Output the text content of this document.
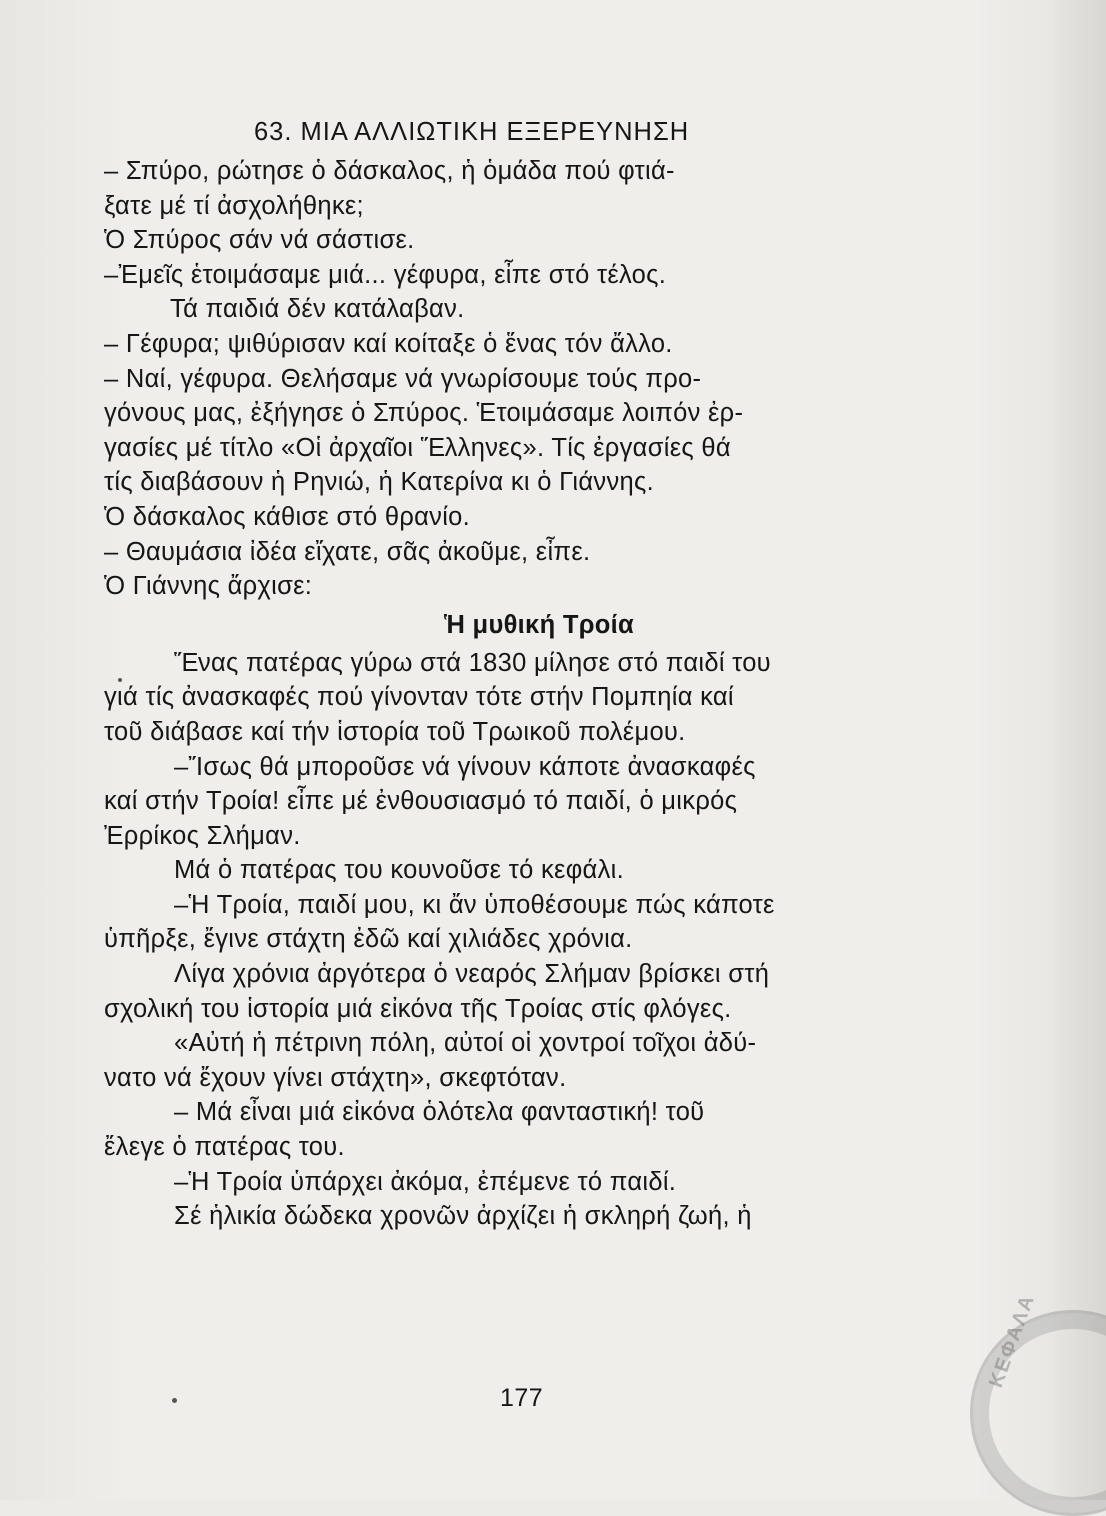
63. ΜΙΑ ΑΛΛΙΩΤΙΚΗ ΕΞΕΡΕΥΝΗΣΗ
– Σπύρο, ρώτησε ὁ δάσκαλος, ἡ ὁμάδα πού φτιά-
ξατε μέ τί ἀσχολήθηκε;
Ὁ Σπύρος σάν νά σάστισε.
–Ἐμεῖς ἑτοιμάσαμε μιά... γέφυρα, εἶπε στό τέλος.
Τά παιδιά δέν κατάλαβαν.
– Γέφυρα; ψιθύρισαν καί κοίταξε ὁ ἕνας τόν ἄλλο.
– Ναί, γέφυρα. Θελήσαμε νά γνωρίσουμε τούς προ-
γόνους μας, ἐξήγησε ὁ Σπύρος. Ἑτοιμάσαμε λοιπόν ἐρ-
γασίες μέ τίτλο «Οἱ ἀρχαῖοι Ἕλληνες». Τίς ἐργασίες θά
τίς διαβάσουν ἡ Ρηνιώ, ἡ Κατερίνα κι ὁ Γιάννης.
Ὁ δάσκαλος κάθισε στό θρανίο.
– Θαυμάσια ἰδέα εἴχατε, σᾶς ἀκοῦμε, εἶπε.
Ὁ Γιάννης ἄρχισε:
Ἡ μυθική Τροία
Ἕνας πατέρας γύρω στά 1830 μίλησε στό παιδί του
γιά τίς ἀνασκαφές πού γίνονταν τότε στήν Πομπηία καί
τοῦ διάβασε καί τήν ἱστορία τοῦ Τρωικοῦ πολέμου.
–Ἴσως θά μποροῦσε νά γίνουν κάποτε ἀνασκαφές
καί στήν Τροία! εἶπε μέ ἐνθουσιασμό τό παιδί, ὁ μικρός
Ἐρρίκος Σλήμαν.
Μά ὁ πατέρας του κουνοῦσε τό κεφάλι.
–Ἡ Τροία, παιδί μου, κι ἄν ὑποθέσουμε πώς κάποτε
ὑπῆρξε, ἔγινε στάχτη ἐδῶ καί χιλιάδες χρόνια.
Λίγα χρόνια ἀργότερα ὁ νεαρός Σλήμαν βρίσκει στή
σχολική του ἱστορία μιά εἰκόνα τῆς Τροίας στίς φλόγες.
«Αὐτή ἡ πέτρινη πόλη, αὐτοί οἱ χοντροί τοῖχοι ἀδύ-
νατο νά ἔχουν γίνει στάχτη», σκεφτόταν.
– Μά εἶναι μιά εἰκόνα ὁλότελα φανταστική! τοῦ
ἔλεγε ὁ πατέρας του.
–Ἡ Τροία ὑπάρχει ἀκόμα, ἐπέμενε τό παιδί.
Σέ ἡλικία δώδεκα χρονῶν ἀρχίζει ἡ σκληρή ζωή, ἡ
177
ΚΕΦΑΛΑ
